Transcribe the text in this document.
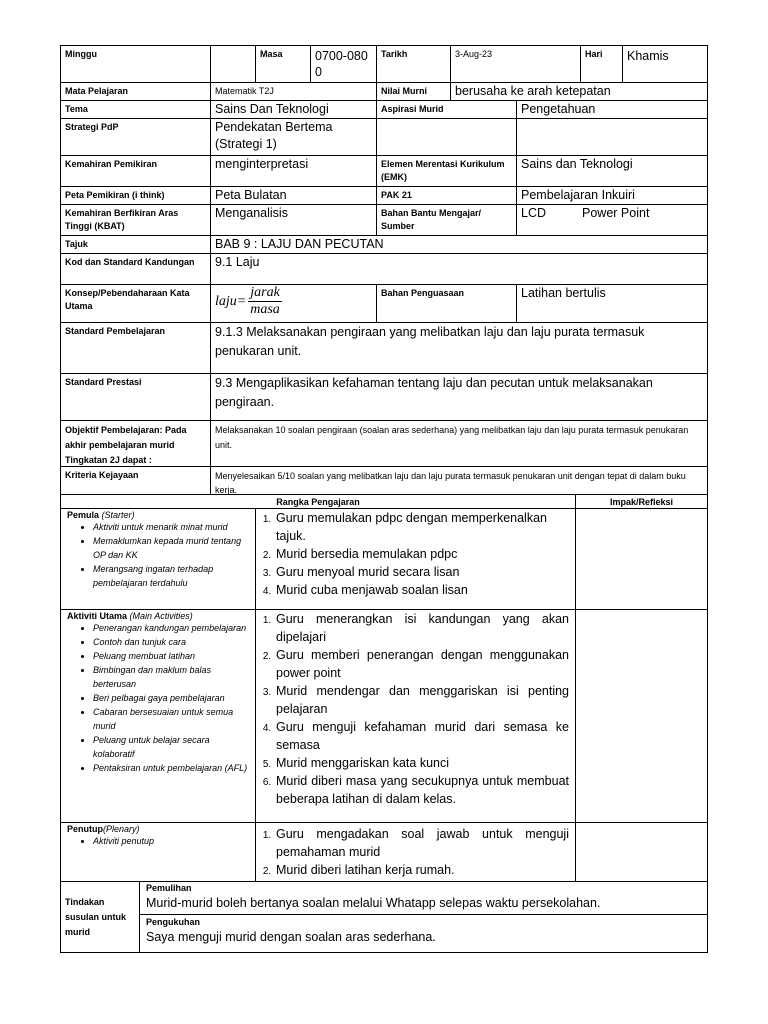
Minggu	Masa	0700-0800
Tarikh	3-Aug-23	Hari	Khamis
Mata Pelajaran	Matematik T2J	Nilai Murni	berusaha ke arah ketepatan
Tema	Sains Dan Teknologi	Aspirasi Murid	Pengetahuan
Strategi PdP	Pendekatan Bertema (Strategi 1)
Kemahiran Pemikiran	menginterpretasi	Elemen Merentasi Kurikulum (EMK)
Sains dan Teknologi
Peta Pemikiran (i think)	Peta Bulatan	PAK 21	Pembelajaran Inkuiri
Kemahiran Berfikiran Aras Tinggi (KBAT)
Menganalisis	Bahan Bantu Mengajar/ Sumber
LCD	Power Point
Tajuk	BAB 9 : LAJU DAN PECUTAN
Kod dan Standard Kandungan	9.1 Laju
Konsep/Pebendaharaan Kata Utama	laju=
jarak
masa
Bahan Penguasaan	Latihan bertulis
Standard Pembelajaran	9.1.3 Melaksanakan pengiraan yang melibatkan laju dan laju purata termasuk penukaran unit.
Standard Prestasi	9.3 Mengaplikasikan kefahaman tentang laju dan pecutan untuk melaksanakan pengiraan.
Objektif Pembelajaran: Pada akhir pembelajaran murid Tingkatan 2J dapat :
Melaksanakan 10 soalan pengiraan (soalan aras sederhana) yang melibatkan laju dan laju purata termasuk penukaran unit.
Kriteria Kejayaan	Menyelesaikan 5/10 soalan yang melibatkan laju dan laju purata termasuk penukaran unit dengan tepat di dalam buku kerja.
Rangka Pengajaran	Impak/Refleksi
Pemula (Starter)
• Aktiviti untuk menarik minat murid
• Memaklumkan kepada murid tentang OP dan KK
• Merangsang ingatan terhadap pembelajaran terdahulu
1. Guru memulakan pdpc dengan memperkenalkan tajuk.
2. Murid bersedia memulakan pdpc
3. Guru menyoal murid secara lisan
4. Murid cuba menjawab soalan lisan
Aktiviti Utama (Main Activities)
• Penerangan kandungan pembelajaran
• Contoh dan tunjuk cara
• Peluang membuat latihan
• Bimbingan dan maklum balas berterusan
• Beri pelbagai gaya pembelajaran
• Cabaran bersesuaian untuk semua murid
• Peluang untuk belajar secara kolaboratif
• Pentaksiran untuk pembelajaran (AFL)
1. Guru menerangkan isi kandungan yang akan dipelajari
2. Guru memberi penerangan dengan menggunakan power point
3. Murid mendengar dan menggariskan isi penting pelajaran
4. Guru menguji kefahaman murid dari semasa ke semasa
5. Murid menggariskan kata kunci
6. Murid diberi masa yang secukupnya untuk membuat beberapa latihan di dalam kelas.
Penutup(Plenary)
• Aktiviti penutup
1.	Guru mengadakan soal jawab untuk menguji pemahaman murid
2. Murid diberi latihan kerja rumah.
Tindakan susulan untuk murid
Pemulihan
Murid-murid boleh bertanya soalan melalui Whatapp selepas waktu persekolahan.
Pengukuhan
Saya menguji murid dengan soalan aras sederhana.
